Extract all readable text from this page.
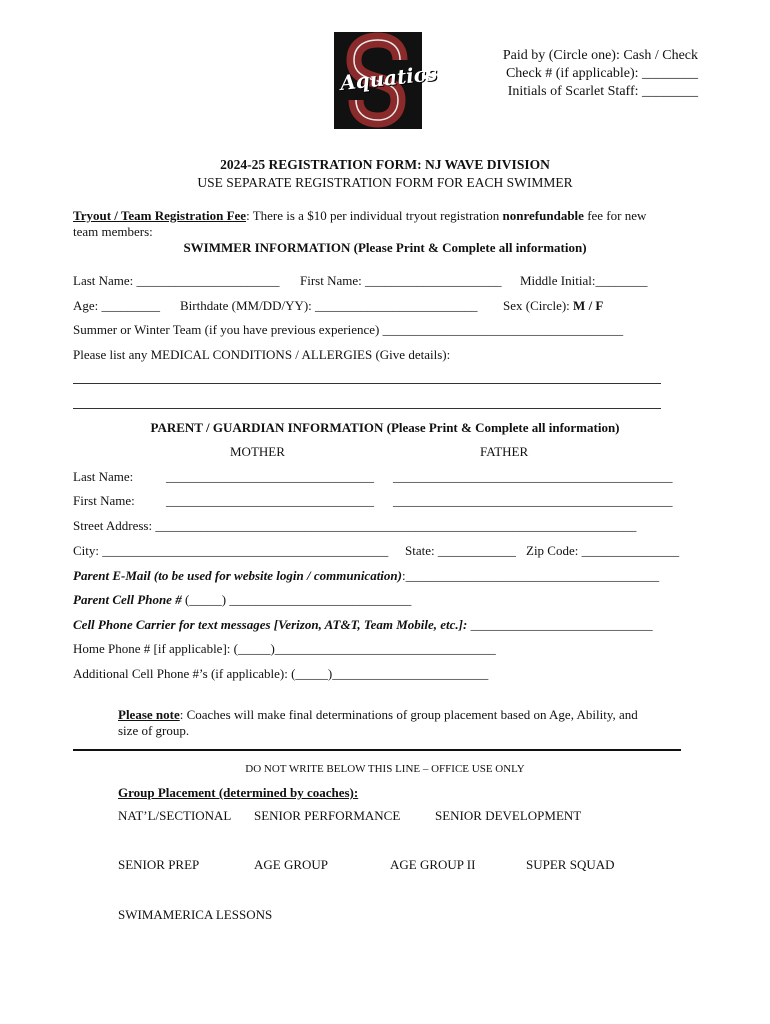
Aquatics
Paid by (Circle one): Cash / Check
Check # (if applicable): ________
Initials of Scarlet Staff: ________
2024-25 REGISTRATION FORM: NJ WAVE DIVISION
USE SEPARATE REGISTRATION FORM FOR EACH SWIMMER
Tryout / Team Registration Fee: There is a $10 per individual tryout registration nonrefundable fee for new
team members:
SWIMMER INFORMATION (Please Print & Complete all information)
Last Name: ______________________ First Name: _____________________ Middle Initial:________
Age: _________ Birthdate (MM/DD/YY): _________________________ Sex (Circle): M / F
Summer or Winter Team (if you have previous experience) _____________________________________
Please list any MEDICAL CONDITIONS / ALLERGIES (Give details):
PARENT / GUARDIAN INFORMATION (Please Print & Complete all information)
MOTHER	FATHER
Last Name:	________________________________ ___________________________________________
First Name: ________________________________ ___________________________________________
Street Address: __________________________________________________________________________
City: ____________________________________________ State: ____________ Zip Code: _______________
Parent E-Mail (to be used for website login / communication):_______________________________________
Parent Cell Phone # (_____) ____________________________
Cell Phone Carrier for text messages [Verizon, AT&T, Team Mobile, etc.]: ____________________________
Home Phone # [if applicable]: (_____)__________________________________
Additional Cell Phone #’s (if applicable): (_____)________________________
Please note: Coaches will make final determinations of group placement based on Age, Ability, and
size of group.
DO NOT WRITE BELOW THIS LINE – OFFICE USE ONLY
Group Placement (determined by coaches):
NAT’L/SECTIONAL SENIOR PERFORMANCE	SENIOR DEVELOPMENT
SENIOR PREP	AGE GROUP	AGE GROUP II	SUPER SQUAD
SWIMAMERICA LESSONS
